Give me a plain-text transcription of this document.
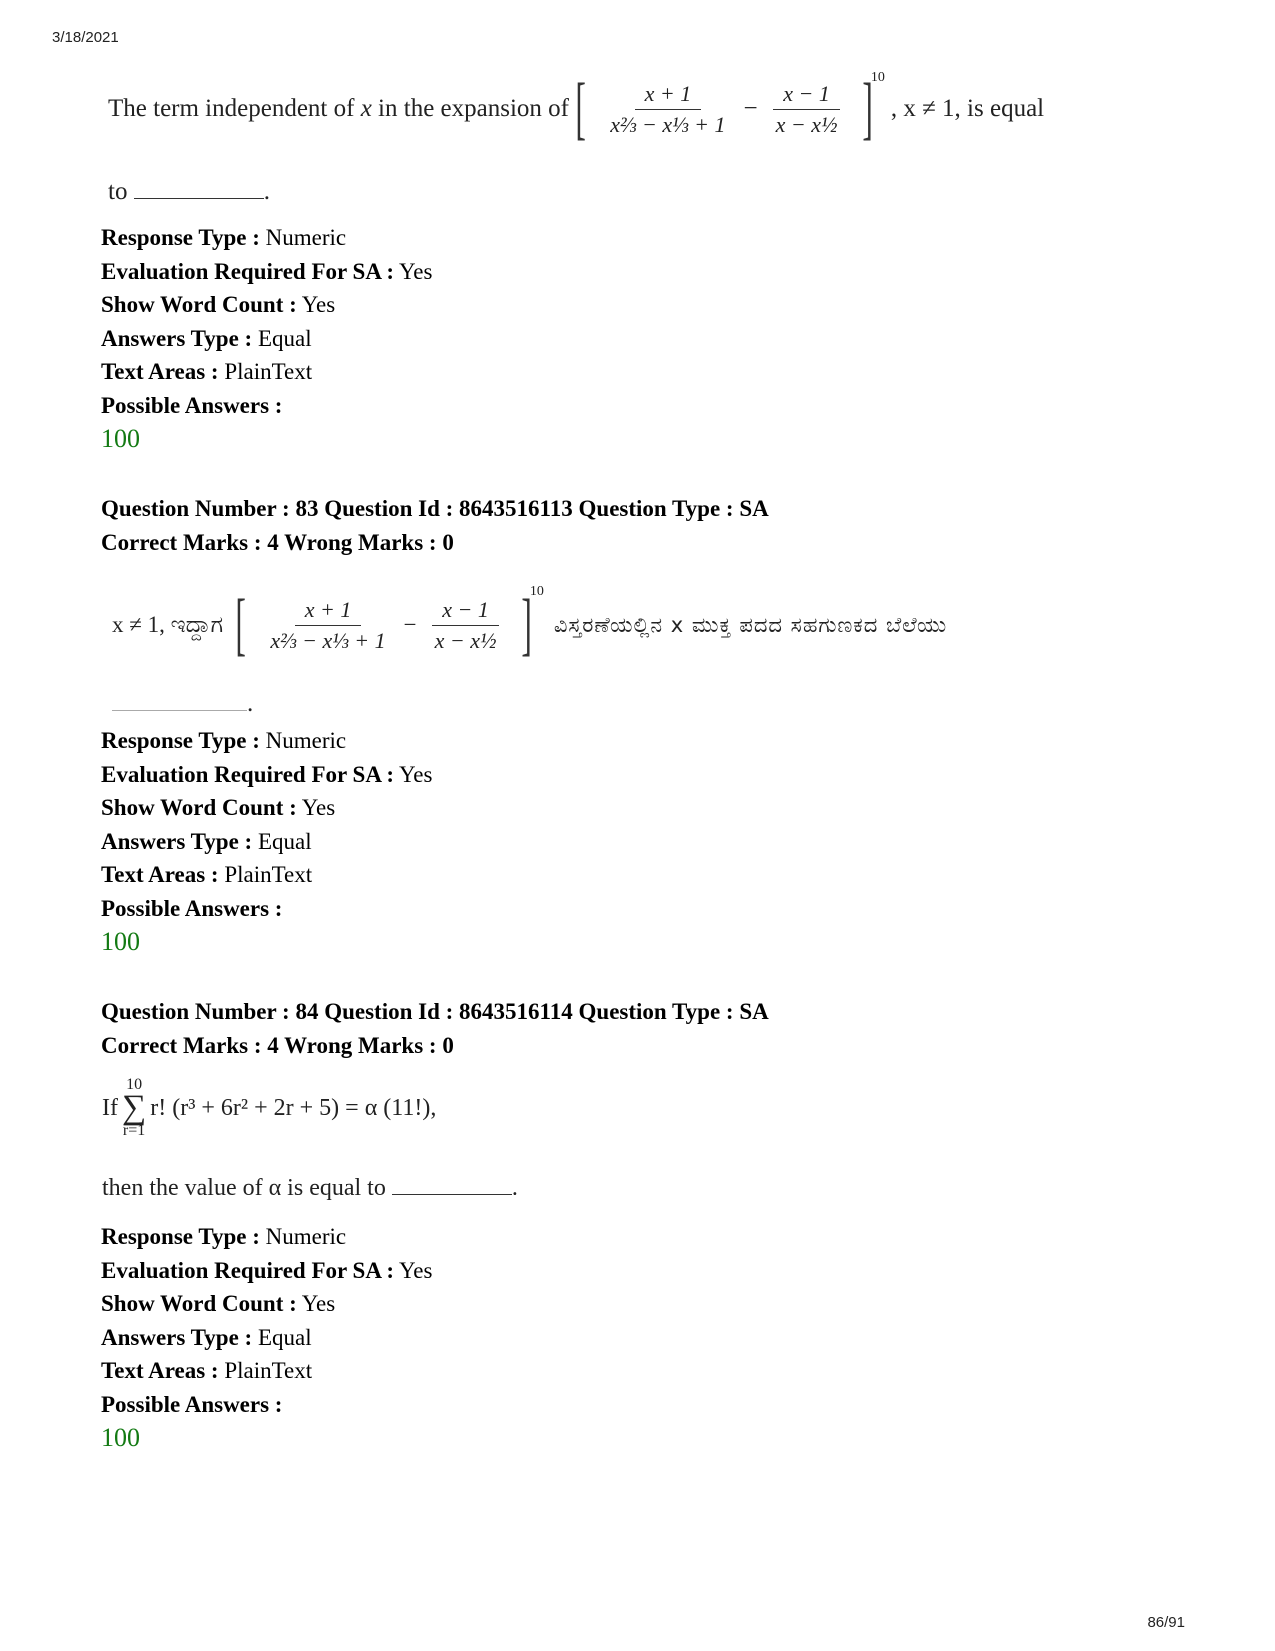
3/18/2021
The term independent of
x
in the expansion of [ $\frac{x + 1}{\text{x⅔ − x⅓ + 1}} - \frac{x - 1}{\text{x − x½}}$ ]
10
, x ≠ 1, is equal
to	.
Response Type : Numeric
Evaluation Required For SA : Yes
Show Word Count : Yes
Answers Type : Equal
Text Areas : PlainText
Possible Answers :
100
Question Number : 83 Question Id : 8643516113 Question Type : SA
Correct Marks : 4 Wrong Marks : 0
x ≠ 1, ಇದ್ದಾಗ [ $\frac{x + 1}{\text{x⅔ − x⅓ + 1}} - \frac{x - 1}{\text{x − x½}}$ ]
10
ವಿಸ್ತರಣೆಯಲ್ಲಿನ x ಮುಕ್ತ ಪದದ ಸಹಗುಣಕದ ಬೆಲೆಯು
.
Response Type : Numeric
Evaluation Required For SA : Yes
Show Word Count : Yes
Answers Type : Equal
Text Areas : PlainText
Possible Answers :
100
Question Number : 84 Question Id : 8643516114 Question Type : SA
Correct Marks : 4 Wrong Marks : 0
If
10
∑
r=1
r! (r³ + 6r² + 2r + 5) = α (11!),
then the value of α is equal to	.
Response Type : Numeric
Evaluation Required For SA : Yes
Show Word Count : Yes
Answers Type : Equal
Text Areas : PlainText
Possible Answers :
100
86/91
